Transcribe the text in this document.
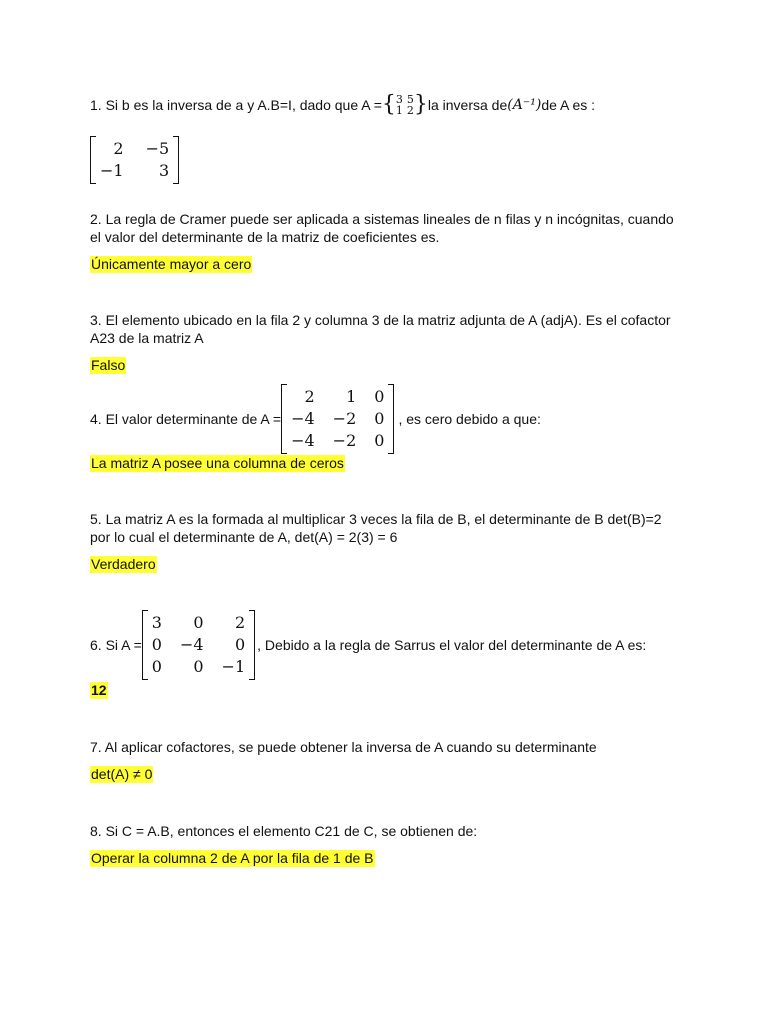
1. Si b es la inversa de a y A.B=I, dado que A = { 3 5
1 2 } la inversa de (A⁻¹) de A es :
2 −5
−1	3
2. La regla de Cramer puede ser aplicada a sistemas lineales de n filas y n incógnitas, cuando el valor del determinante de la matriz de coeficientes es.
Únicamente mayor a cero
3. El elemento ubicado en la fila 2 y columna 3 de la matriz adjunta de A (adjA). Es el cofactor A23 de la matriz A
Falso
4. El valor determinante de A =
2	1 0
−4 −2 0
−4 −2 0
, es cero debido a que:
La matriz A posee una columna de ceros
5. La matriz A es la formada al multiplicar 3 veces la fila de B, el determinante de B det(B)=2 por lo cual el determinante de A, det(A) = 2(3) = 6
Verdadero
6. Si A =
3	0	2
0 −4	0
0	0 −1
, Debido a la regla de Sarrus el valor del determinante de A es:
12
7. Al aplicar cofactores, se puede obtener la inversa de A cuando su determinante
det(A) ≠ 0
8. Si C = A.B, entonces el elemento C21 de C, se obtienen de:
Operar la columna 2 de A por la fila de 1 de B
